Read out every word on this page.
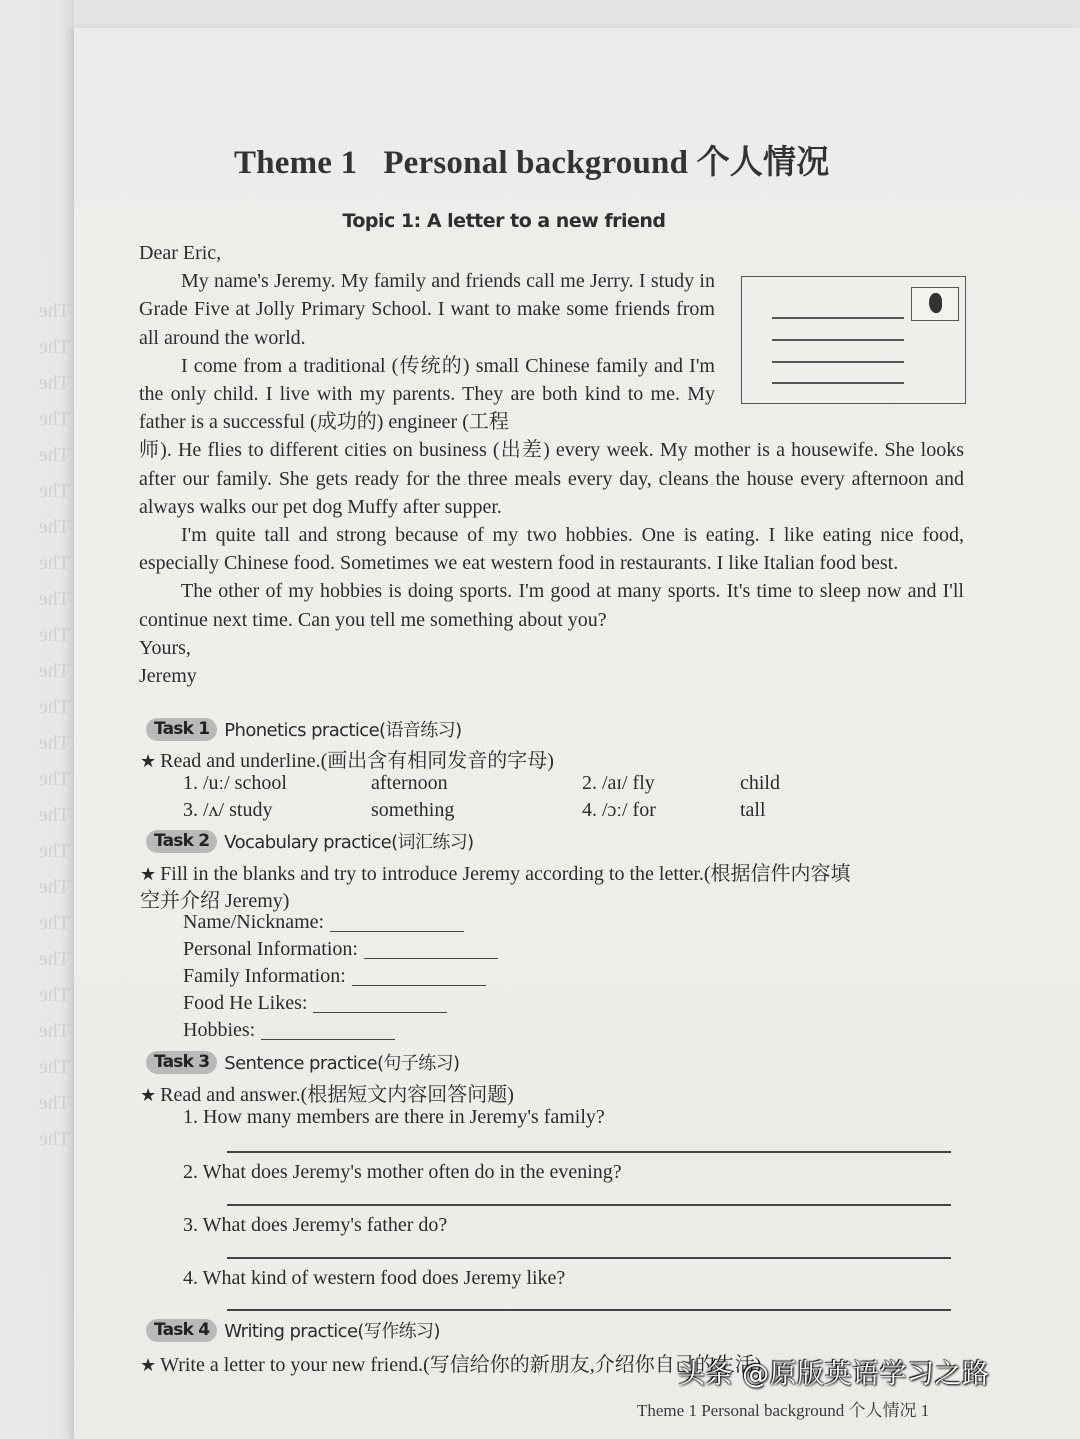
The
The
The
The
The
The
The
The
The
The
The
The
The
The
The
The
The
The
The
The
The
The
The
The
Theme 1 Personal background 个人情况
Topic 1: A letter to a new friend

Dear Eric,

My name's Jeremy. My family and friends call me Jerry. I study in Grade Five at Jolly Primary School. I want to make some friends from all around the world.

I come from a traditional (传统的) small Chinese family and I'm the only child. I live with my parents. They are both kind to me. My father is a successful (成功的) engineer (工程

师). He flies to different cities on business (出差) every week. My mother is a housewife. She looks after our family. She gets ready for the three meals every day, cleans the house every afternoon and always walks our pet dog Muffy after supper.

I'm quite tall and strong because of my two hobbies. One is eating. I like eating nice food, especially Chinese food. Sometimes we eat western food in restaurants. I like Italian food best.

The other of my hobbies is doing sports. I'm good at many sports. It's time to sleep now and I'll continue next time. Can you tell me something about you?

Yours,

Jeremy

Task 1 Phonetics practice(语音练习)
★ Read and underline.(画出含有相同发音的字母)
1. /uː/ school	afternoon	2. /aɪ/ fly	child
3. /ʌ/ study	something	4. /ɔː/ for	tall
Task 2 Vocabulary practice(词汇练习)
★ Fill in the blanks and try to introduce Jeremy according to the letter.(根据信件内容填
空并介绍 Jeremy)
Name/Nickname:
Personal Information:
Family Information:
Food He Likes:
Hobbies:
Task 3 Sentence practice(句子练习)
★ Read and answer.(根据短文内容回答问题)
1. How many members are there in Jeremy's family?
2. What does Jeremy's mother often do in the evening?
3. What does Jeremy's father do?
4. What kind of western food does Jeremy like?
Task 4 Writing practice(写作练习)
★ Write a letter to your new friend.(写信给你的新朋友,介绍你自己的生活)
Theme 1 Personal background 个人情况 1
头条 @原版英语学习之路
